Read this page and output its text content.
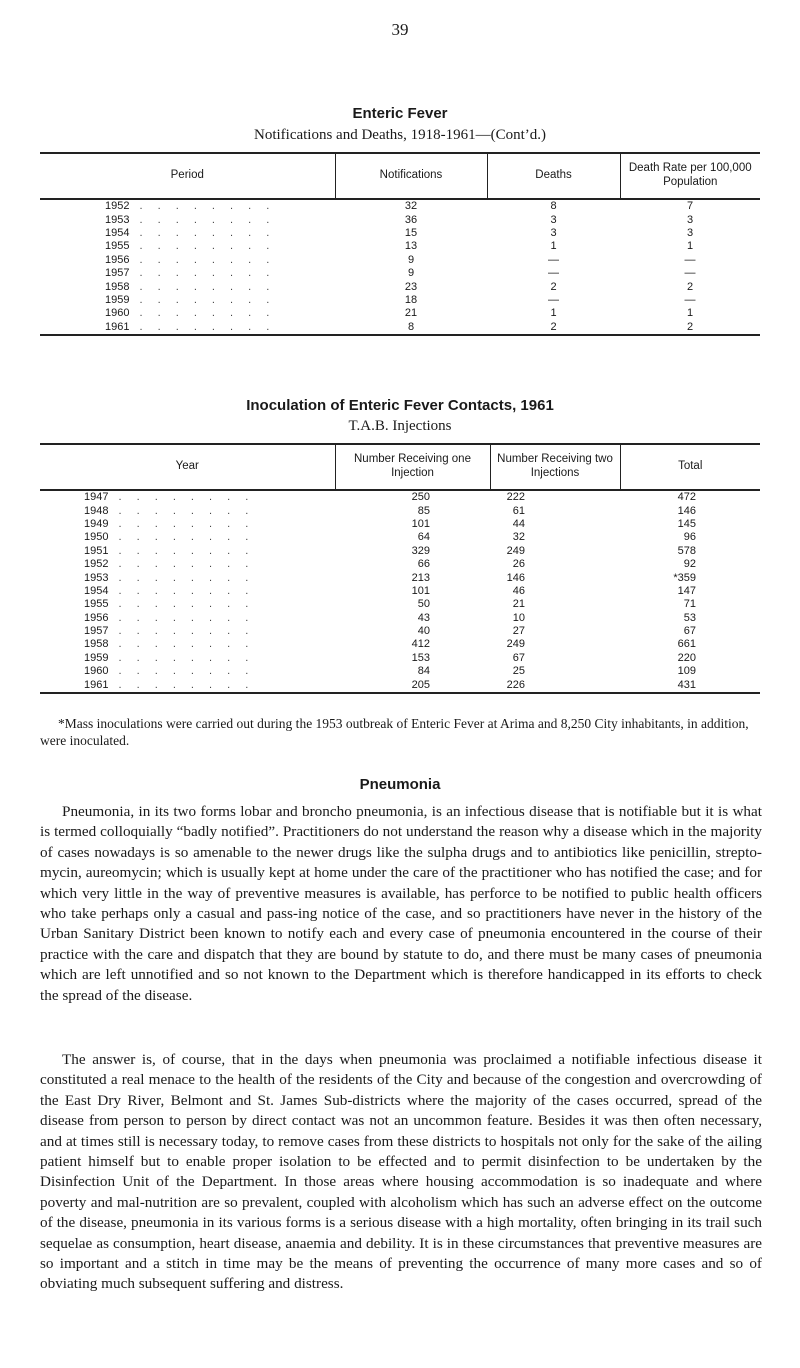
39
Enteric Fever
Notifications and Deaths, 1918-1961—(Cont’d.)
Period	Notifications	Deaths	Death Rate per 100,000 Population
1952 . . . . . . . .	32	8	7
1953 . . . . . . . .	36	3	3
1954 . . . . . . . .	15	3	3
1955 . . . . . . . .	13	1	1
1956 . . . . . . . .	9	—	—
1957 . . . . . . . .	9	—	—
1958 . . . . . . . .	23	2	2
1959 . . . . . . . .	18	—	—
1960 . . . . . . . .	21	1	1
1961 . . . . . . . .	8	2	2
Inoculation of Enteric Fever Contacts, 1961
T.A.B. Injections
Year	Number Receiving one Injection	Number Receiving two Injections	Total
1947 . . . . . . . .	250	222	472
1948 . . . . . . . .	85	61	146
1949 . . . . . . . .	101	44	145
1950 . . . . . . . .	64	32	96
1951 . . . . . . . .	329	249	578
1952 . . . . . . . .	66	26	92
1953 . . . . . . . .	213	146	*359
1954 . . . . . . . .	101	46	147
1955 . . . . . . . .	50	21	71
1956 . . . . . . . .	43	10	53
1957 . . . . . . . .	40	27	67
1958 . . . . . . . .	412	249	661
1959 . . . . . . . .	153	67	220
1960 . . . . . . . .	84	25	109
1961 . . . . . . . .	205	226	431
*Mass inoculations were carried out during the 1953 outbreak of Enteric Fever at Arima and 8,250 City inhabitants, in addition, were inoculated.
Pneumonia
Pneumonia, in its two forms lobar and broncho pneumonia, is an infectious disease that is notifiable but it is what is termed colloquially “badly notified”. Practitioners do not understand the reason why a disease which in the majority of cases nowadays is so amenable to the newer drugs like the sulpha drugs and to antibiotics like penicillin, strepto-mycin, aureomycin; which is usually kept at home under the care of the practitioner who has notified the case; and for which very little in the way of preventive measures is available, has perforce to be notified to public health officers who take perhaps only a casual and pass-ing notice of the case, and so practitioners have never in the history of the Urban Sanitary District been known to notify each and every case of pneumonia encountered in the course of their practice with the care and dispatch that they are bound by statute to do, and there must be many cases of pneumonia which are left unnotified and so not known to the Department which is therefore handicapped in its efforts to check the spread of the disease.
The answer is, of course, that in the days when pneumonia was proclaimed a notifiable infectious disease it constituted a real menace to the health of the residents of the City and because of the congestion and overcrowding of the East Dry River, Belmont and St. James Sub-districts where the majority of the cases occurred, spread of the disease from person to person by direct contact was not an uncommon feature. Besides it was then often necessary, and at times still is necessary today, to remove cases from these districts to hospitals not only for the sake of the ailing patient himself but to enable proper isolation to be effected and to permit disinfection to be undertaken by the Disinfection Unit of the Department. In those areas where housing accommodation is so inadequate and where poverty and mal-nutrition are so prevalent, coupled with alcoholism which has such an adverse effect on the outcome of the disease, pneumonia in its various forms is a serious disease with a high mortality, often bringing in its trail such sequelae as consumption, heart disease, anaemia and debility. It is in these circumstances that preventive measures are so important and a stitch in time may be the means of preventing the occurrence of many more cases and so of obviating much subsequent suffering and distress.
